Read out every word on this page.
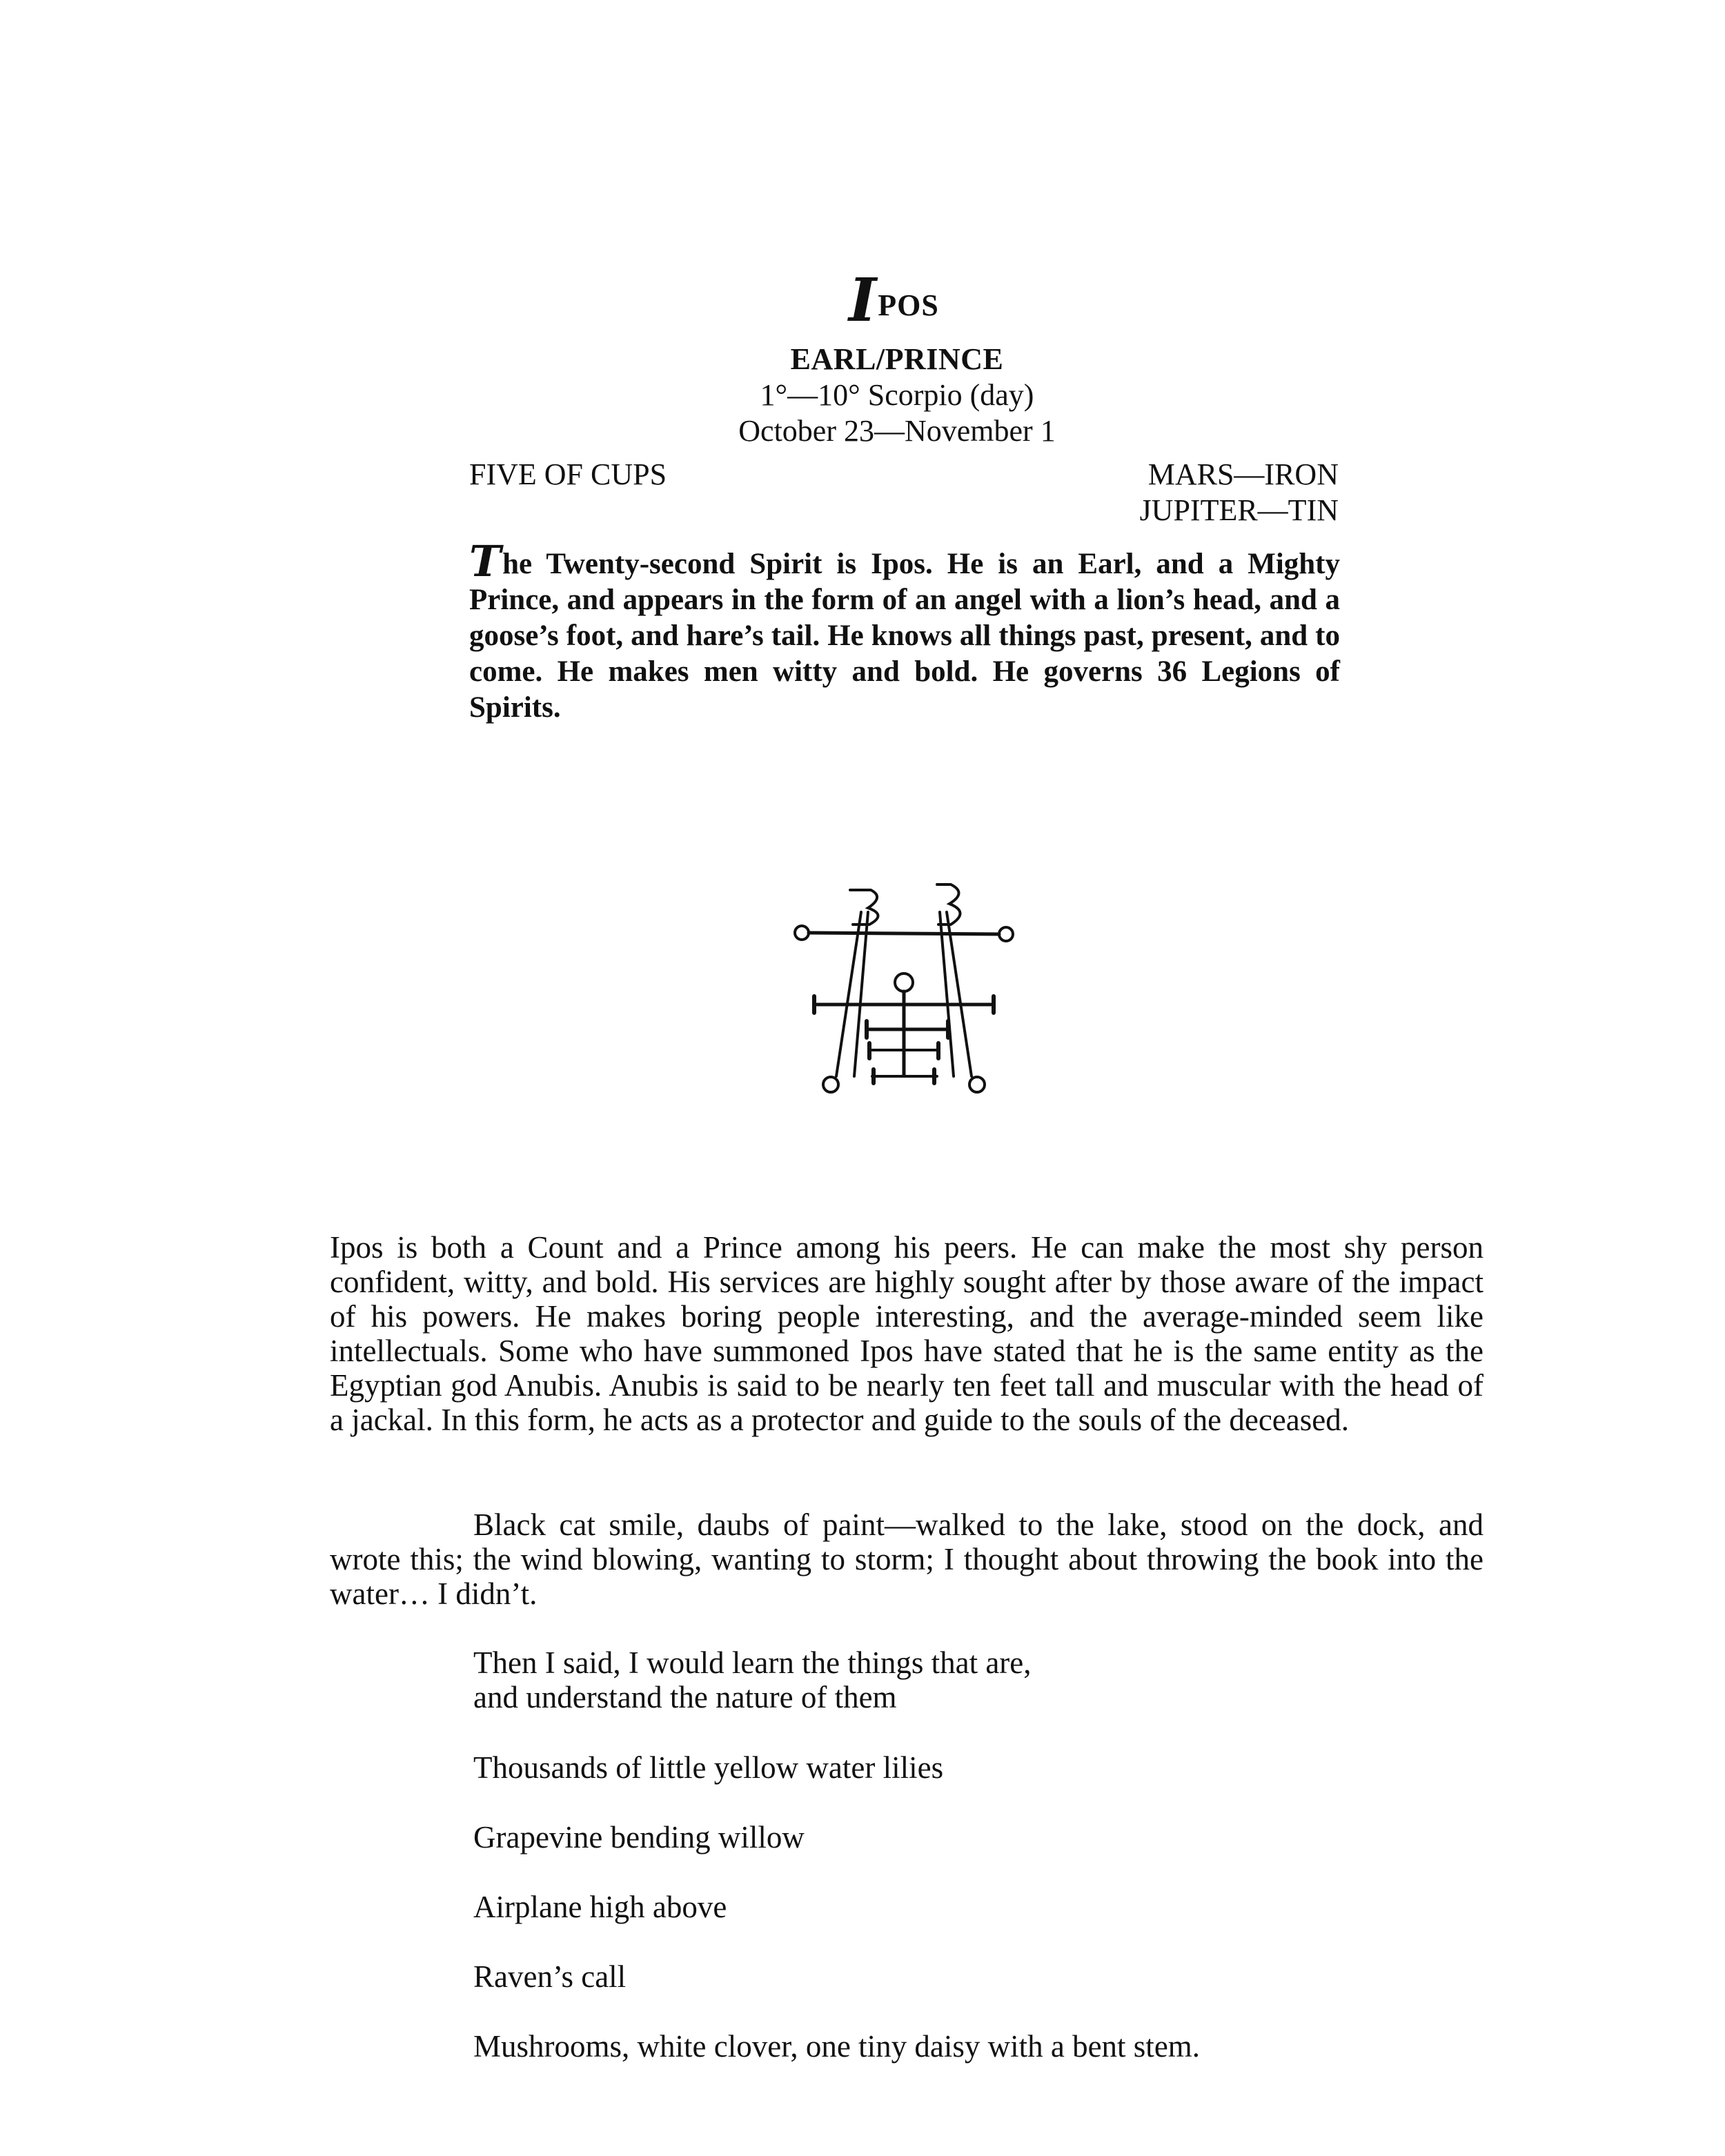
IPOS
EARL/PRINCE
1°—10° Scorpio (day)
October 23—November 1
FIVE OF CUPS	MARS—IRON
JUPITER—TIN
The Twenty-second Spirit is Ipos. He is an Earl, and a Mighty Prince, and appears in the form of an angel with a lion’s head, and a goose’s foot, and hare’s tail. He knows all things past, present, and to come. He makes men witty and bold. He governs 36 Legions of Spirits.
Ipos is both a Count and a Prince among his peers. He can make the most shy person confident, witty, and bold. His services are highly sought after by those aware of the impact of his powers. He makes boring people interesting, and the average-minded seem like intellectuals. Some who have summoned Ipos have stated that he is the same entity as the Egyptian god Anubis. Anubis is said to be nearly ten feet tall and muscular with the head of a jackal. In this form, he acts as a protector and guide to the souls of the deceased.
Black cat smile, daubs of paint—walked to the lake, stood on the dock, and wrote this; the wind blowing, wanting to storm; I thought about throwing the book into the water… I didn’t.
Then I said, I would learn the things that are,
and understand the nature of them
Thousands of little yellow water lilies
Grapevine bending willow
Airplane high above
Raven’s call
Mushrooms, white clover, one tiny daisy with a bent stem.
